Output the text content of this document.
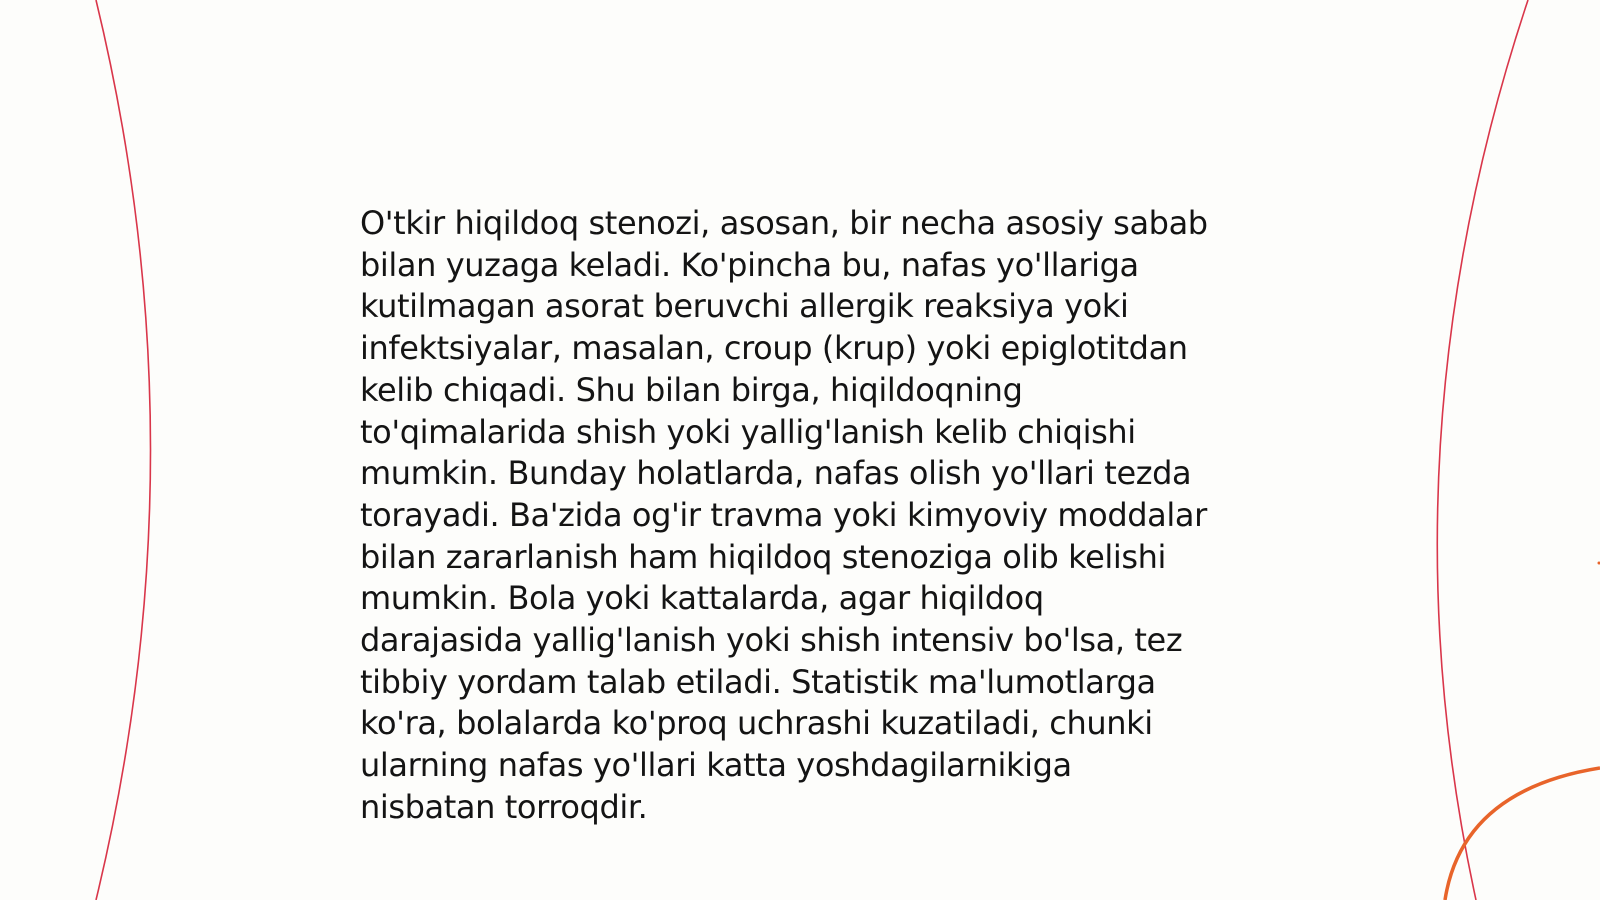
O'tkir hiqildoq stenozi, asosan, bir necha asosiy sabab
bilan yuzaga keladi. Ko'pincha bu, nafas yo'llariga
kutilmagan asorat beruvchi allergik reaksiya yoki
infektsiyalar, masalan, croup (krup) yoki epiglotitdan
kelib chiqadi. Shu bilan birga, hiqildoqning
to'qimalarida shish yoki yallig'lanish kelib chiqishi
mumkin. Bunday holatlarda, nafas olish yo'llari tezda
torayadi. Ba'zida og'ir travma yoki kimyoviy moddalar
bilan zararlanish ham hiqildoq stenoziga olib kelishi
mumkin. Bola yoki kattalarda, agar hiqildoq
darajasida yallig'lanish yoki shish intensiv bo'lsa, tez
tibbiy yordam talab etiladi. Statistik ma'lumotlarga
ko'ra, bolalarda ko'proq uchrashi kuzatiladi, chunki
ularning nafas yo'llari katta yoshdagilarnikiga
nisbatan torroqdir.
